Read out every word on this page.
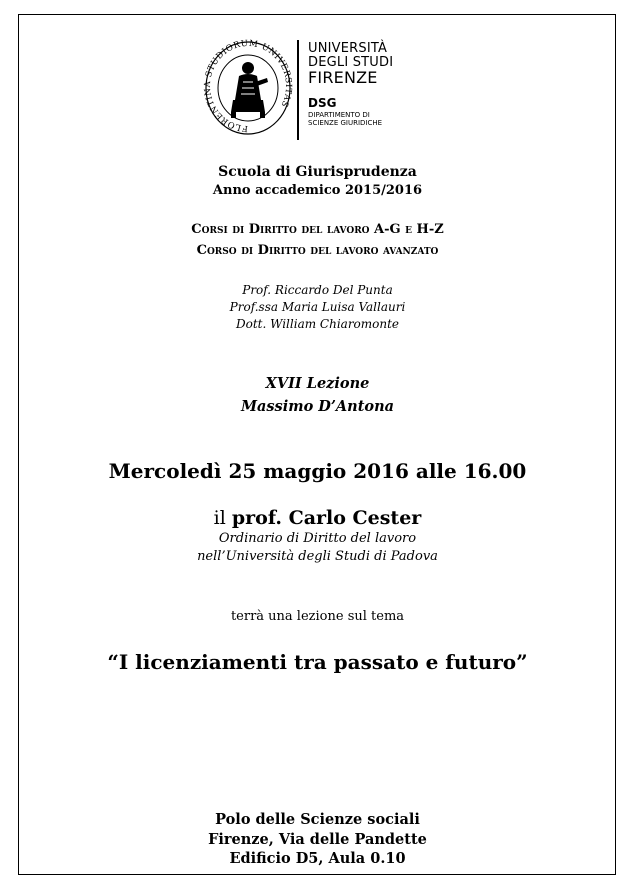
FLORENTINA STUDIORUM UNIVERSITAS
UNIVERSITÀ
DEGLI STUDI
FIRENZE
DSG
DIPARTIMENTO DI
SCIENZE GIURIDICHE
Scuola di Giurisprudenza
Anno accademico 2015/2016
Corsi di Diritto del lavoro A-G e H-Z
Corso di Diritto del lavoro avanzato
Prof. Riccardo Del Punta
Prof.ssa Maria Luisa Vallauri
Dott. William Chiaromonte
XVII Lezione
Massimo D’Antona
Mercoledì 25 maggio 2016 alle 16.00
il prof. Carlo Cester
Ordinario di Diritto del lavoro
nell’Università degli Studi di Padova
terrà una lezione sul tema
“I licenziamenti tra passato e futuro”
Polo delle Scienze sociali
Firenze, Via delle Pandette
Edificio D5, Aula 0.10
